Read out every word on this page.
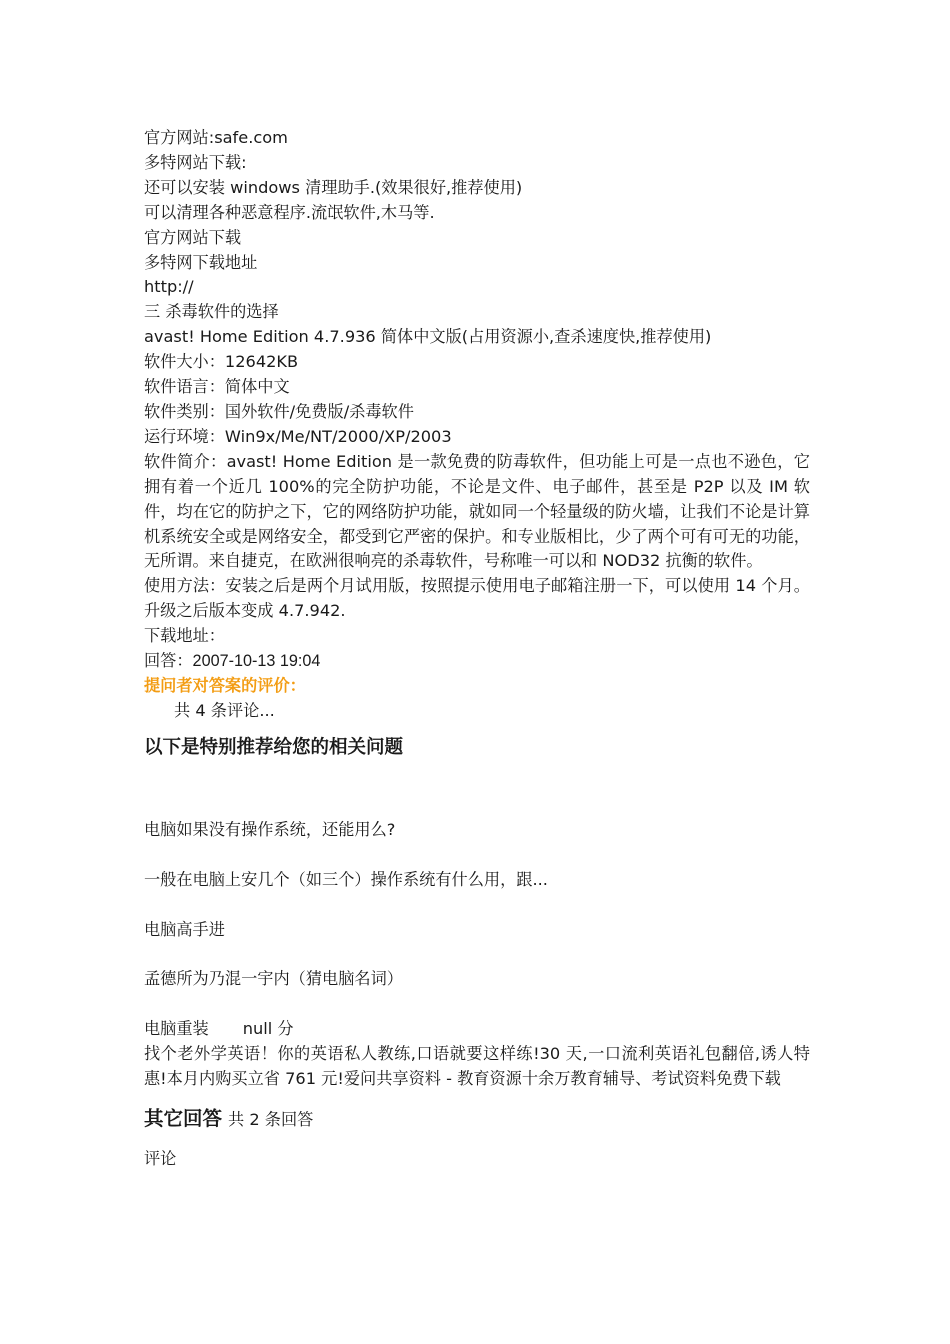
官方网站:safe.com

多特网站下载:

还可以安装 windows 清理助手.(效果很好,推荐使用)

可以清理各种恶意程序.流氓软件,木马等.

官方网站下载

多特网下载地址

http://

三 杀毒软件的选择

avast! Home Edition 4.7.936 简体中文版(占用资源小,查杀速度快,推荐使用)

软件大小：12642KB

软件语言：简体中文

软件类别：国外软件/免费版/杀毒软件

运行环境：Win9x/Me/NT/2000/XP/2003

软件简介：avast! Home Edition 是一款免费的防毒软件，但功能上可是一点也不逊色，它拥有着一个近几 100%的完全防护功能，不论是文件、电子邮件，甚至是 P2P 以及 IM 软件，均在它的防护之下，它的网络防护功能，就如同一个轻量级的防火墙，让我们不论是计算机系统安全或是网络安全，都受到它严密的保护。和专业版相比，少了两个可有可无的功能，无所谓。来自捷克，在欧洲很响亮的杀毒软件，号称唯一可以和 NOD32 抗衡的软件。

使用方法：安装之后是两个月试用版，按照提示使用电子邮箱注册一下，可以使用 14 个月。升级之后版本变成 4.7.942.

下载地址：

回答：2007-10-13 19:04

提问者对答案的评价：

共 4 条评论...

以下是特别推荐给您的相关问题
电脑如果没有操作系统，还能用么?
一般在电脑上安几个（如三个）操作系统有什么用，跟...
电脑高手进
孟德所为乃混一宇内（猜电脑名词）
电脑重装 null 分

找个老外学英语！你的英语私人教练,口语就要这样练!30 天,一口流利英语礼包翻倍,诱人特惠!本月内购买立省 761 元!爱问共享资料 - 教育资源十余万教育辅导、考试资料免费下载

其它回答 共 2 条回答
评论
